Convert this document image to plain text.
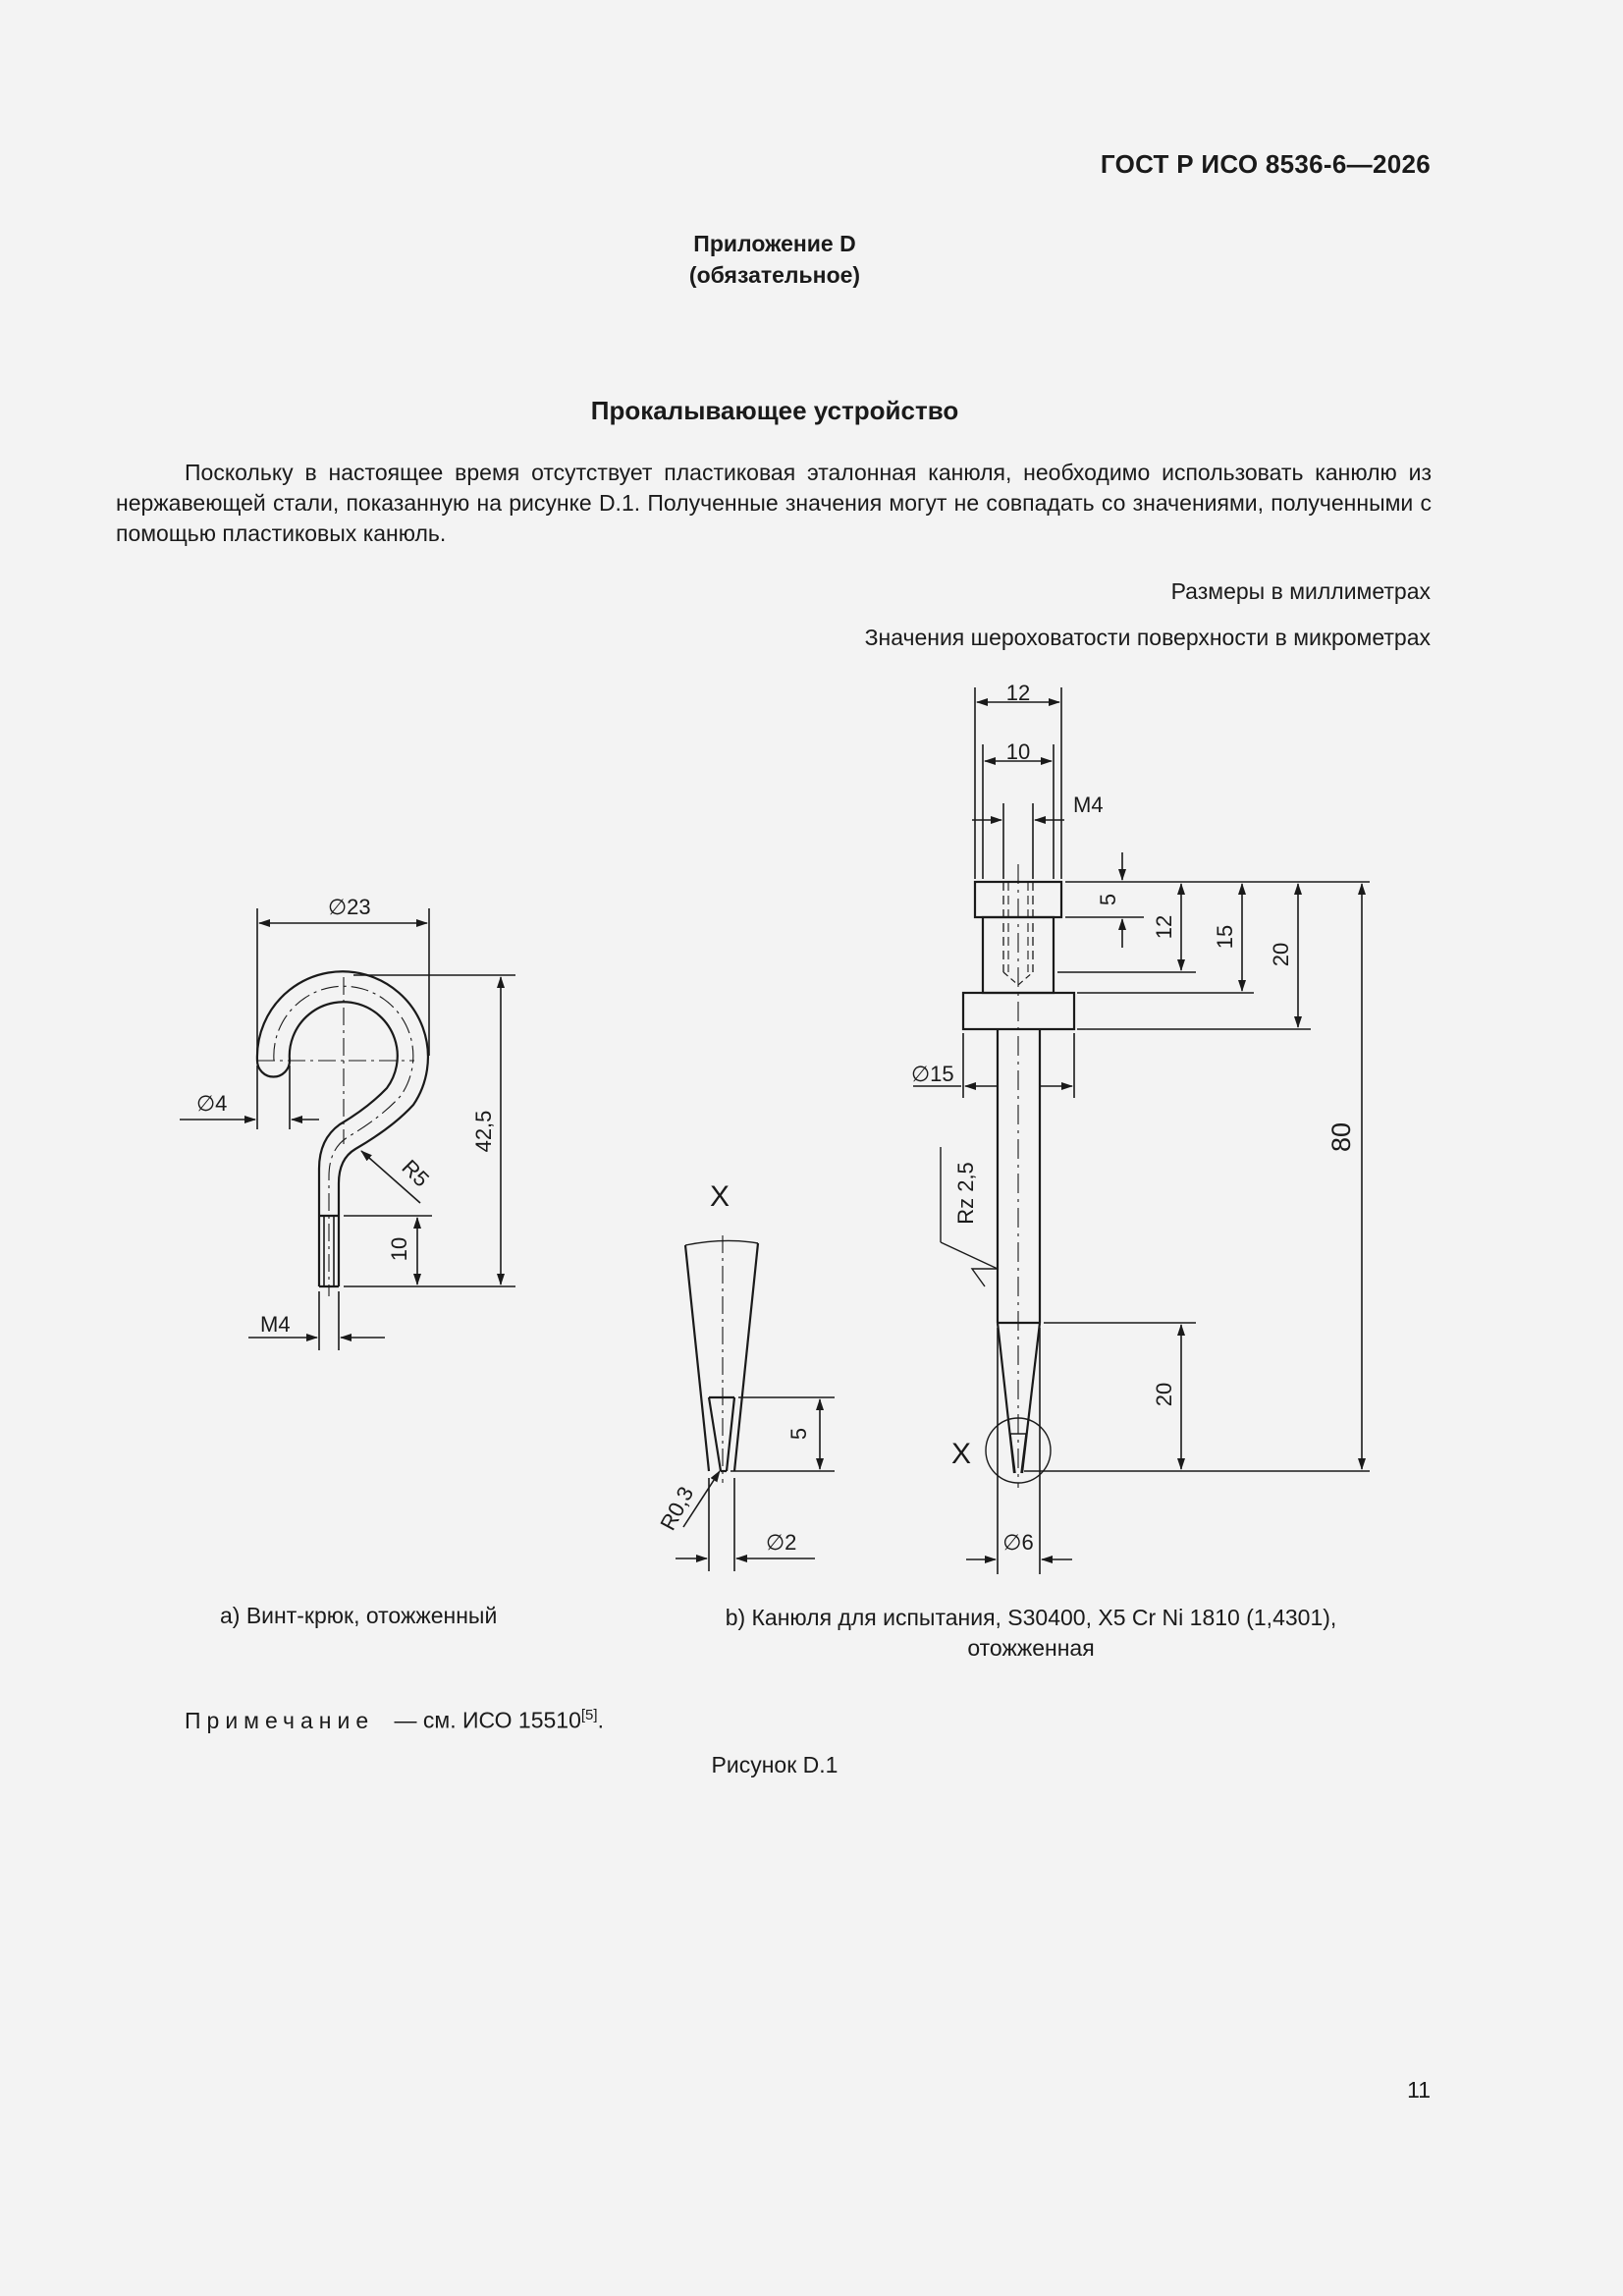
ГОСТ Р ИСО 8536-6—2026
Приложение D
(обязательное)
Прокалывающее устройство
Поскольку в настоящее время отсутствует пластиковая эталонная канюля, необходимо использовать канюлю из нержавеющей стали, показанную на рисунке D.1. Полученные значения могут не совпадать со значениями, полученными с помощью пластиковых канюль.
Размеры в миллиметрах
Значения шероховатости поверхности в микрометрах
∅23
∅4
R5
42,5
10
M4
X
5
R0,3
∅2
12
10
M4
5
12 15
20
∅15
Rz 2,5
80
20
X
∅6
a) Винт-крюк, отожженный	b) Канюля для испытания, S30400, X5 Cr Ni 1810 (1,4301),
отожженная
Примечание — см. ИСО 15510[5].
Рисунок D.1
11
